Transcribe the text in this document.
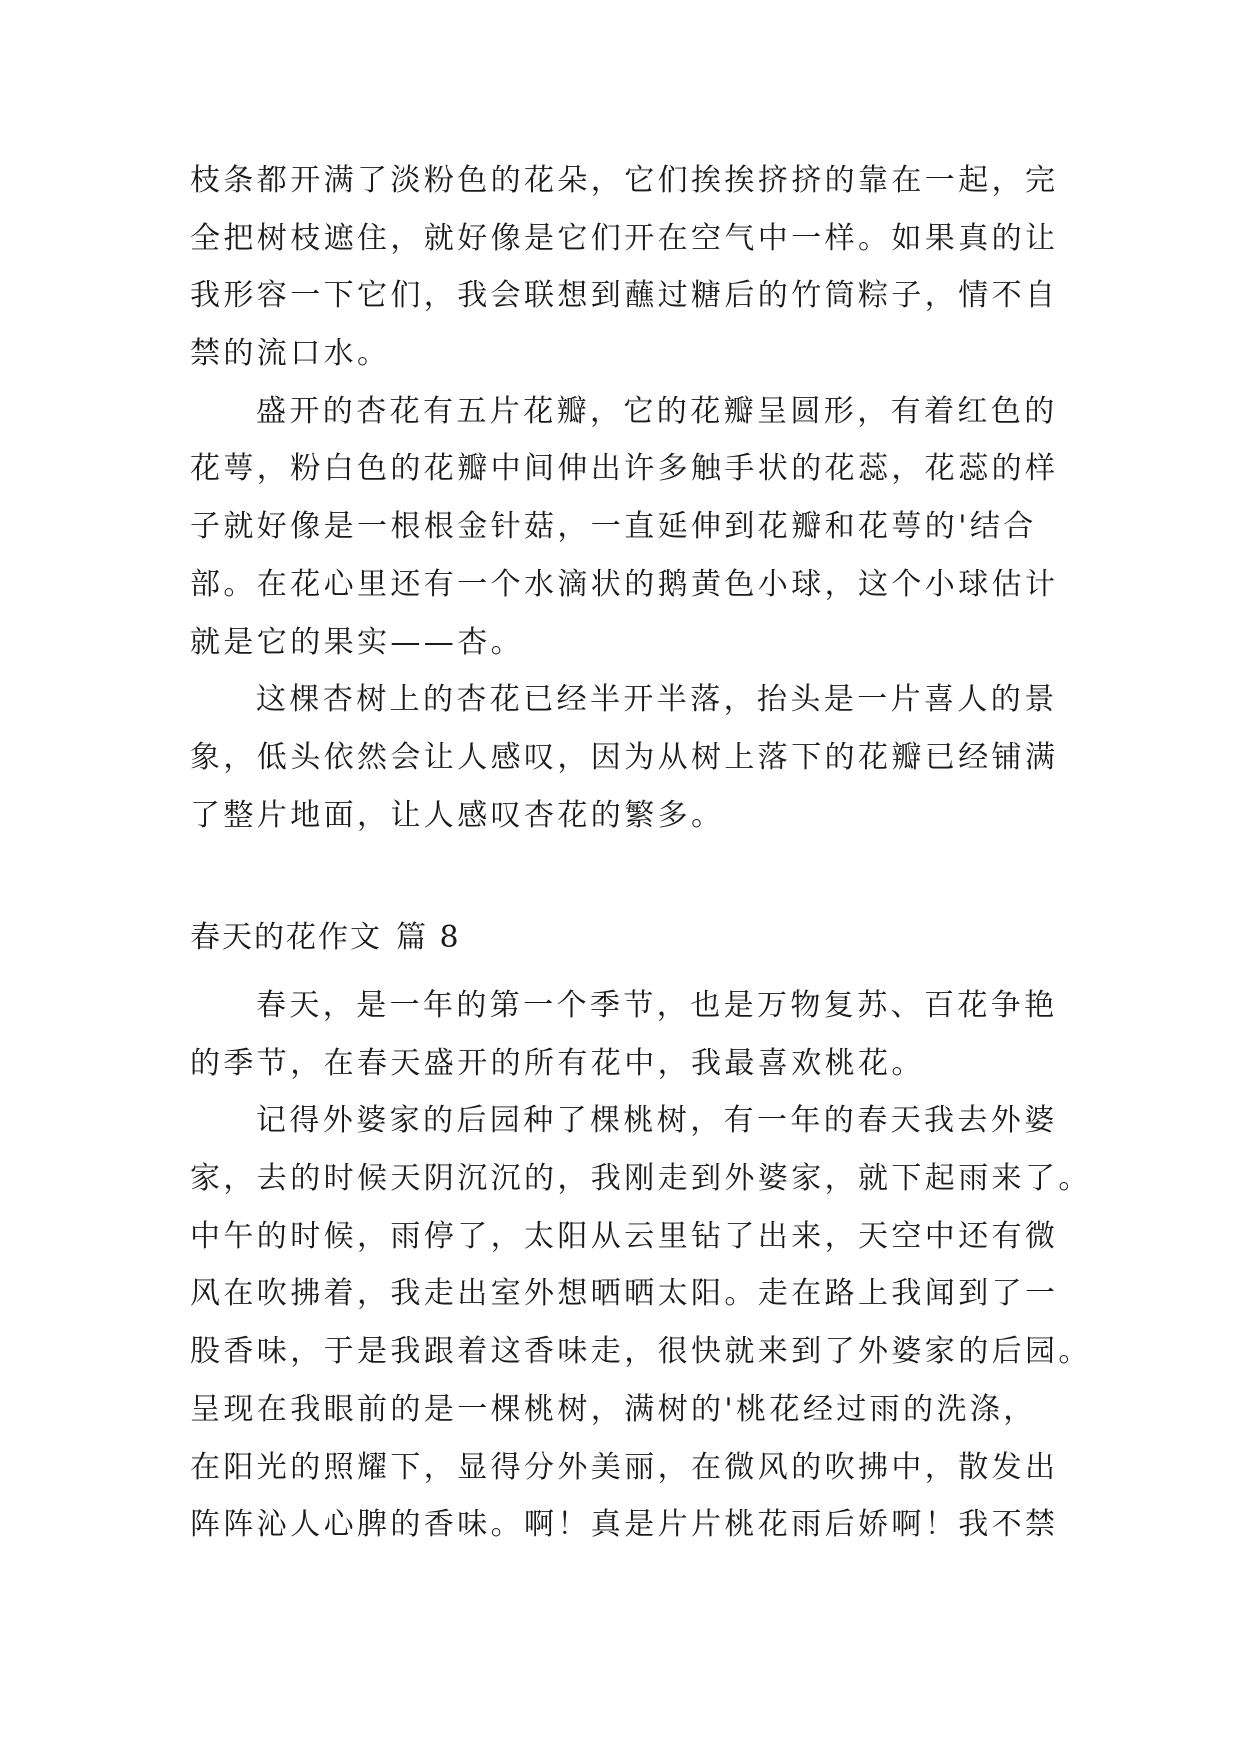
枝条都开满了淡粉色的花朵，它们挨挨挤挤的靠在一起，完
全把树枝遮住，就好像是它们开在空气中一样。如果真的让
我形容一下它们，我会联想到蘸过糖后的竹筒粽子，情不自
禁的流口水。
盛开的杏花有五片花瓣，它的花瓣呈圆形，有着红色的
花萼，粉白色的花瓣中间伸出许多触手状的花蕊，花蕊的样
子就好像是一根根金针菇，一直延伸到花瓣和花萼的'结合
部。在花心里还有一个水滴状的鹅黄色小球，这个小球估计
就是它的果实——杏。
这棵杏树上的杏花已经半开半落，抬头是一片喜人的景
象，低头依然会让人感叹，因为从树上落下的花瓣已经铺满
了整片地面，让人感叹杏花的繁多。
春天的花作文 篇 8
春天，是一年的第一个季节，也是万物复苏、百花争艳
的季节，在春天盛开的所有花中，我最喜欢桃花。
记得外婆家的后园种了棵桃树，有一年的春天我去外婆
家，去的时候天阴沉沉的，我刚走到外婆家，就下起雨来了。
中午的时候，雨停了，太阳从云里钻了出来，天空中还有微
风在吹拂着，我走出室外想晒晒太阳。走在路上我闻到了一
股香味，于是我跟着这香味走，很快就来到了外婆家的后园。
呈现在我眼前的是一棵桃树，满树的'桃花经过雨的洗涤，
在阳光的照耀下，显得分外美丽，在微风的吹拂中，散发出
阵阵沁人心脾的香味。啊！真是片片桃花雨后娇啊！我不禁
